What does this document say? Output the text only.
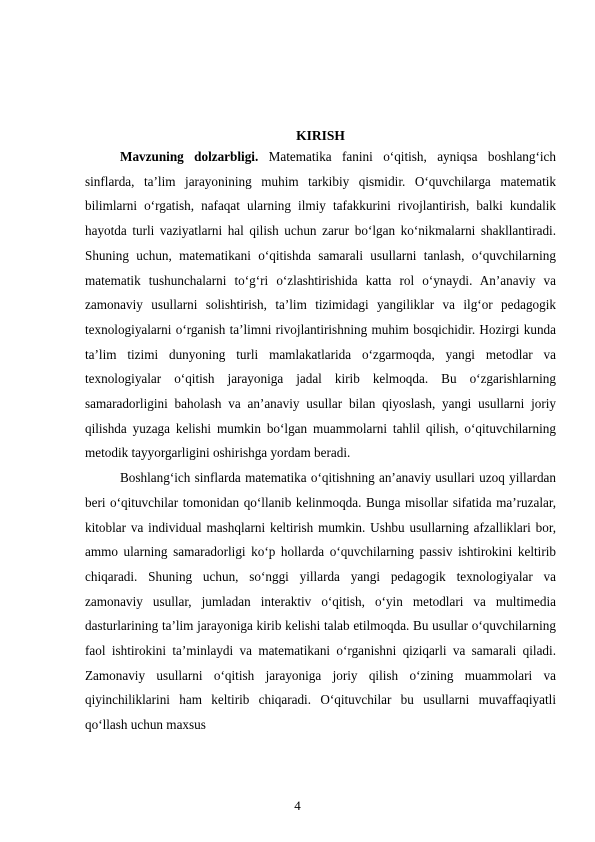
KIRISH

Mavzuning dolzarbligi. Matematika fanini o‘qitish, ayniqsa boshlang‘ich sinflarda, ta’lim jarayonining muhim tarkibiy qismidir. O‘quvchilarga matematik bilimlarni o‘rgatish, nafaqat ularning ilmiy tafakkurini rivojlantirish, balki kundalik hayotda turli vaziyatlarni hal qilish uchun zarur bo‘lgan ko‘nikmalarni shakllantiradi. Shuning uchun, matematikani o‘qitishda samarali usullarni tanlash, o‘quvchilarning matematik tushunchalarni to‘g‘ri o‘zlashtirishida katta rol o‘ynaydi. An’anaviy va zamonaviy usullarni solishtirish, ta’lim tizimidagi yangiliklar va ilg‘or pedagogik texnologiyalarni o‘rganish ta’limni rivojlantirishning muhim bosqichidir. Hozirgi kunda ta’lim tizimi dunyoning turli mamlakatlarida o‘zgarmoqda, yangi metodlar va texnologiyalar o‘qitish jarayoniga jadal kirib kelmoqda. Bu o‘zgarishlarning samaradorligini baholash va an’anaviy usullar bilan qiyoslash, yangi usullarni joriy qilishda yuzaga kelishi mumkin bo‘lgan muammolarni tahlil qilish, o‘qituvchilarning metodik tayyorgarligini oshirishga yordam beradi.

Boshlang‘ich sinflarda matematika o‘qitishning an’anaviy usullari uzoq yillardan beri o‘qituvchilar tomonidan qo‘llanib kelinmoqda. Bunga misollar sifatida ma’ruzalar, kitoblar va individual mashqlarni keltirish mumkin. Ushbu usullarning afzalliklari bor, ammo ularning samaradorligi ko‘p hollarda o‘quvchilarning passiv ishtirokini keltirib chiqaradi. Shuning uchun, so‘nggi yillarda yangi pedagogik texnologiyalar va zamonaviy usullar, jumladan interaktiv o‘qitish, o‘yin metodlari va multimedia dasturlarining ta’lim jarayoniga kirib kelishi talab etilmoqda. Bu usullar o‘quvchilarning faol ishtirokini ta’minlaydi va matematikani o‘rganishni qiziqarli va samarali qiladi. Zamonaviy usullarni o‘qitish jarayoniga joriy qilish o‘zining muammolari va qiyinchiliklarini ham keltirib chiqaradi. O‘qituvchilar bu usullarni muvaffaqiyatli qo‘llash uchun maxsus

4
